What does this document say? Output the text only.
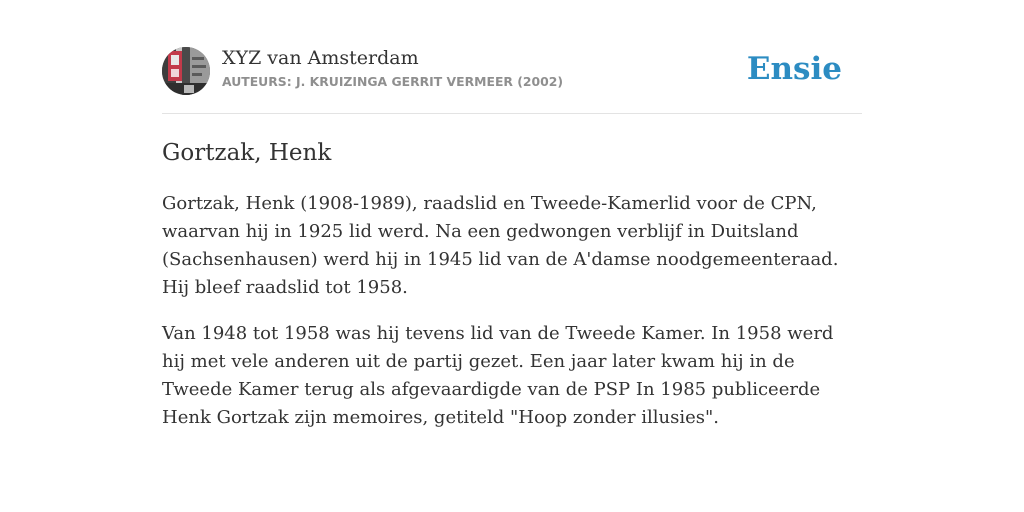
XYZ van Amsterdam
AUTEURS: J. KRUIZINGA GERRIT VERMEER (2002)	Ensie
Gortzak, Henk

Gortzak, Henk (1908-1989), raadslid en Tweede-Kamerlid voor de CPN, waarvan hij in 1925 lid werd. Na een gedwongen verblijf in Duitsland (Sachsenhausen) werd hij in 1945 lid van de A'damse noodgemeenteraad. Hij bleef raadslid tot 1958.

Van 1948 tot 1958 was hij tevens lid van de Tweede Kamer. In 1958 werd hij met vele anderen uit de partij gezet. Een jaar later kwam hij in de Tweede Kamer terug als afgevaardigde van de PSP In 1985 publiceerde Henk Gortzak zijn memoires, getiteld "Hoop zonder illusies".
